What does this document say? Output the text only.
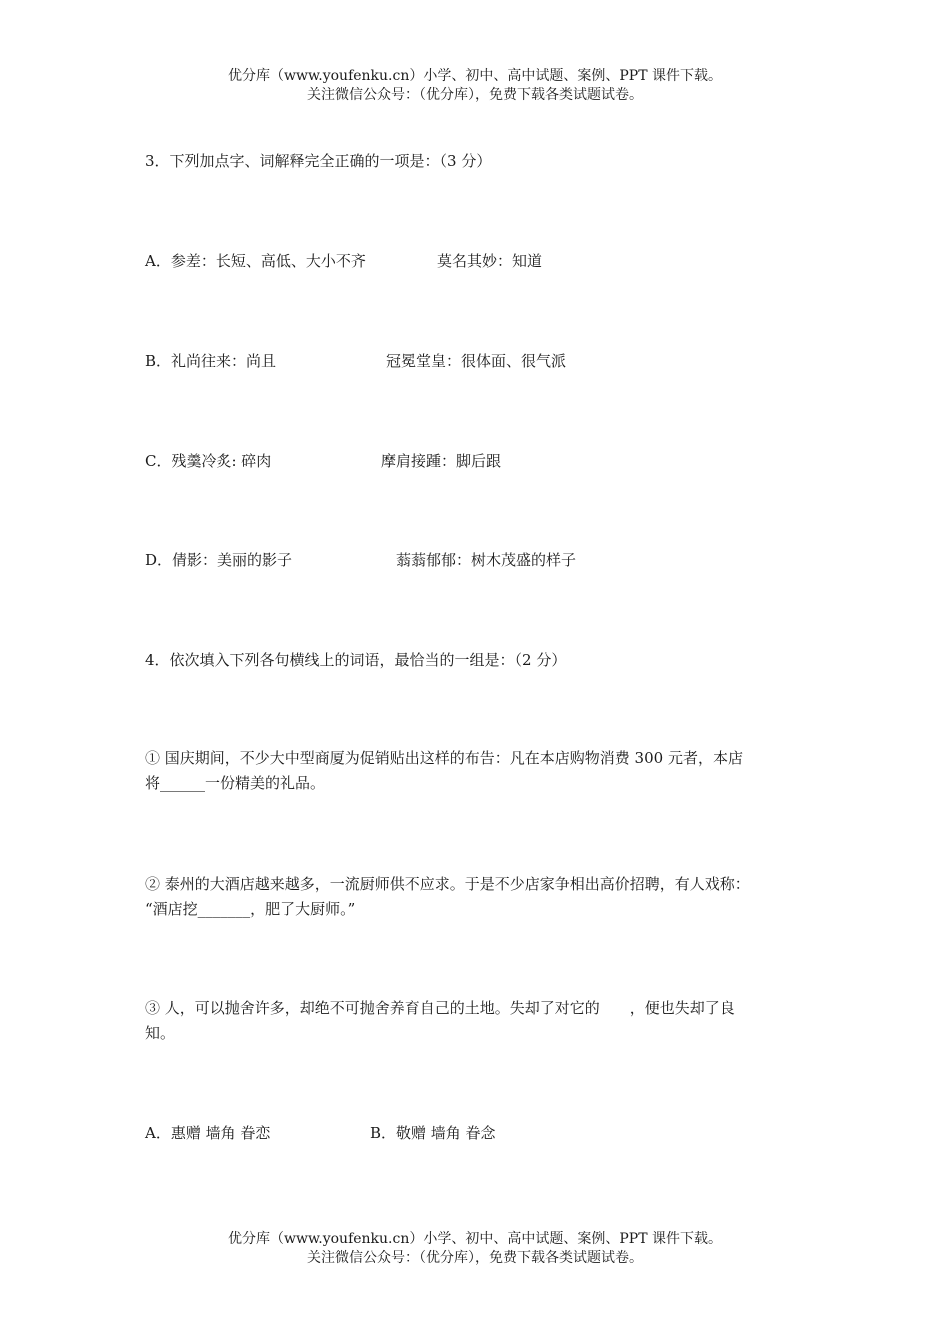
优分库（www.youfenku.cn）小学、初中、高中试题、案例、PPT 课件下载。
关注微信公众号：（优分库），免费下载各类试题试卷。
3．下列加点字、词解释完全正确的一项是：（3 分）
A．参差：长短、高低、大小不齐	莫名其妙：知道
B．礼尚往来：尚且	冠冕堂皇：很体面、很气派
C．残羹冷炙: 碎肉	摩肩接踵：脚后跟
D．倩影：美丽的影子	蓊蓊郁郁：树木茂盛的样子
4．依次填入下列各句横线上的词语，最恰当的一组是：（2 分）
① 国庆期间，不少大中型商厦为促销贴出这样的布告：凡在本店购物消费 300 元者，本店
将______一份精美的礼品。
② 泰州的大酒店越来越多，一流厨师供不应求。于是不少店家争相出高价招聘，有人戏称：
“酒店挖_______，肥了大厨师。”
③ 人，可以抛舍许多，却绝不可抛舍养育自己的土地。失却了对它的　　，便也失却了良
知。
A．惠赠 墙角 眷恋	B．敬赠 墙角 眷念
优分库（www.youfenku.cn）小学、初中、高中试题、案例、PPT 课件下载。
关注微信公众号：（优分库），免费下载各类试题试卷。
